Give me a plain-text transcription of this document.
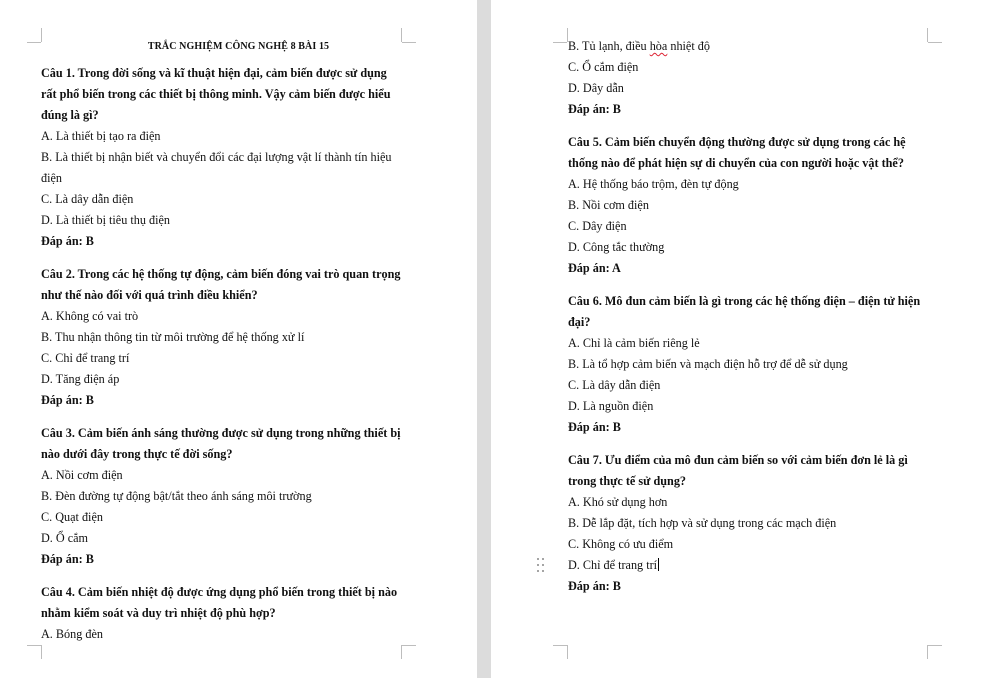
TRẮC NGHIỆM CÔNG NGHỆ 8 BÀI 15
Câu 1. Trong đời sống và kĩ thuật hiện đại, cảm biến được sử dụng
rất phổ biến trong các thiết bị thông minh. Vậy cảm biến được hiểu
đúng là gì?
A. Là thiết bị tạo ra điện
B. Là thiết bị nhận biết và chuyển đổi các đại lượng vật lí thành tín hiệu
điện
C. Là dây dẫn điện
D. Là thiết bị tiêu thụ điện
Đáp án: B
Câu 2. Trong các hệ thống tự động, cảm biến đóng vai trò quan trọng
như thế nào đối với quá trình điều khiển?
A. Không có vai trò
B. Thu nhận thông tin từ môi trường để hệ thống xử lí
C. Chỉ để trang trí
D. Tăng điện áp
Đáp án: B
Câu 3. Cảm biến ánh sáng thường được sử dụng trong những thiết bị
nào dưới đây trong thực tế đời sống?
A. Nồi cơm điện
B. Đèn đường tự động bật/tắt theo ánh sáng môi trường
C. Quạt điện
D. Ổ cắm
Đáp án: B
Câu 4. Cảm biến nhiệt độ được ứng dụng phổ biến trong thiết bị nào
nhằm kiểm soát và duy trì nhiệt độ phù hợp?
A. Bóng đèn
B. Tủ lạnh, điều hòa nhiệt độ
C. Ổ cắm điện
D. Dây dẫn
Đáp án: B
Câu 5. Cảm biến chuyển động thường được sử dụng trong các hệ
thống nào để phát hiện sự di chuyển của con người hoặc vật thể?
A. Hệ thống báo trộm, đèn tự động
B. Nồi cơm điện
C. Dây điện
D. Công tắc thường
Đáp án: A
Câu 6. Mô đun cảm biến là gì trong các hệ thống điện – điện tử hiện
đại?
A. Chỉ là cảm biến riêng lẻ
B. Là tổ hợp cảm biến và mạch điện hỗ trợ để dễ sử dụng
C. Là dây dẫn điện
D. Là nguồn điện
Đáp án: B
Câu 7. Ưu điểm của mô đun cảm biến so với cảm biến đơn lẻ là gì
trong thực tế sử dụng?
A. Khó sử dụng hơn
B. Dễ lắp đặt, tích hợp và sử dụng trong các mạch điện
C. Không có ưu điểm
D. Chỉ để trang trí
Đáp án: B
